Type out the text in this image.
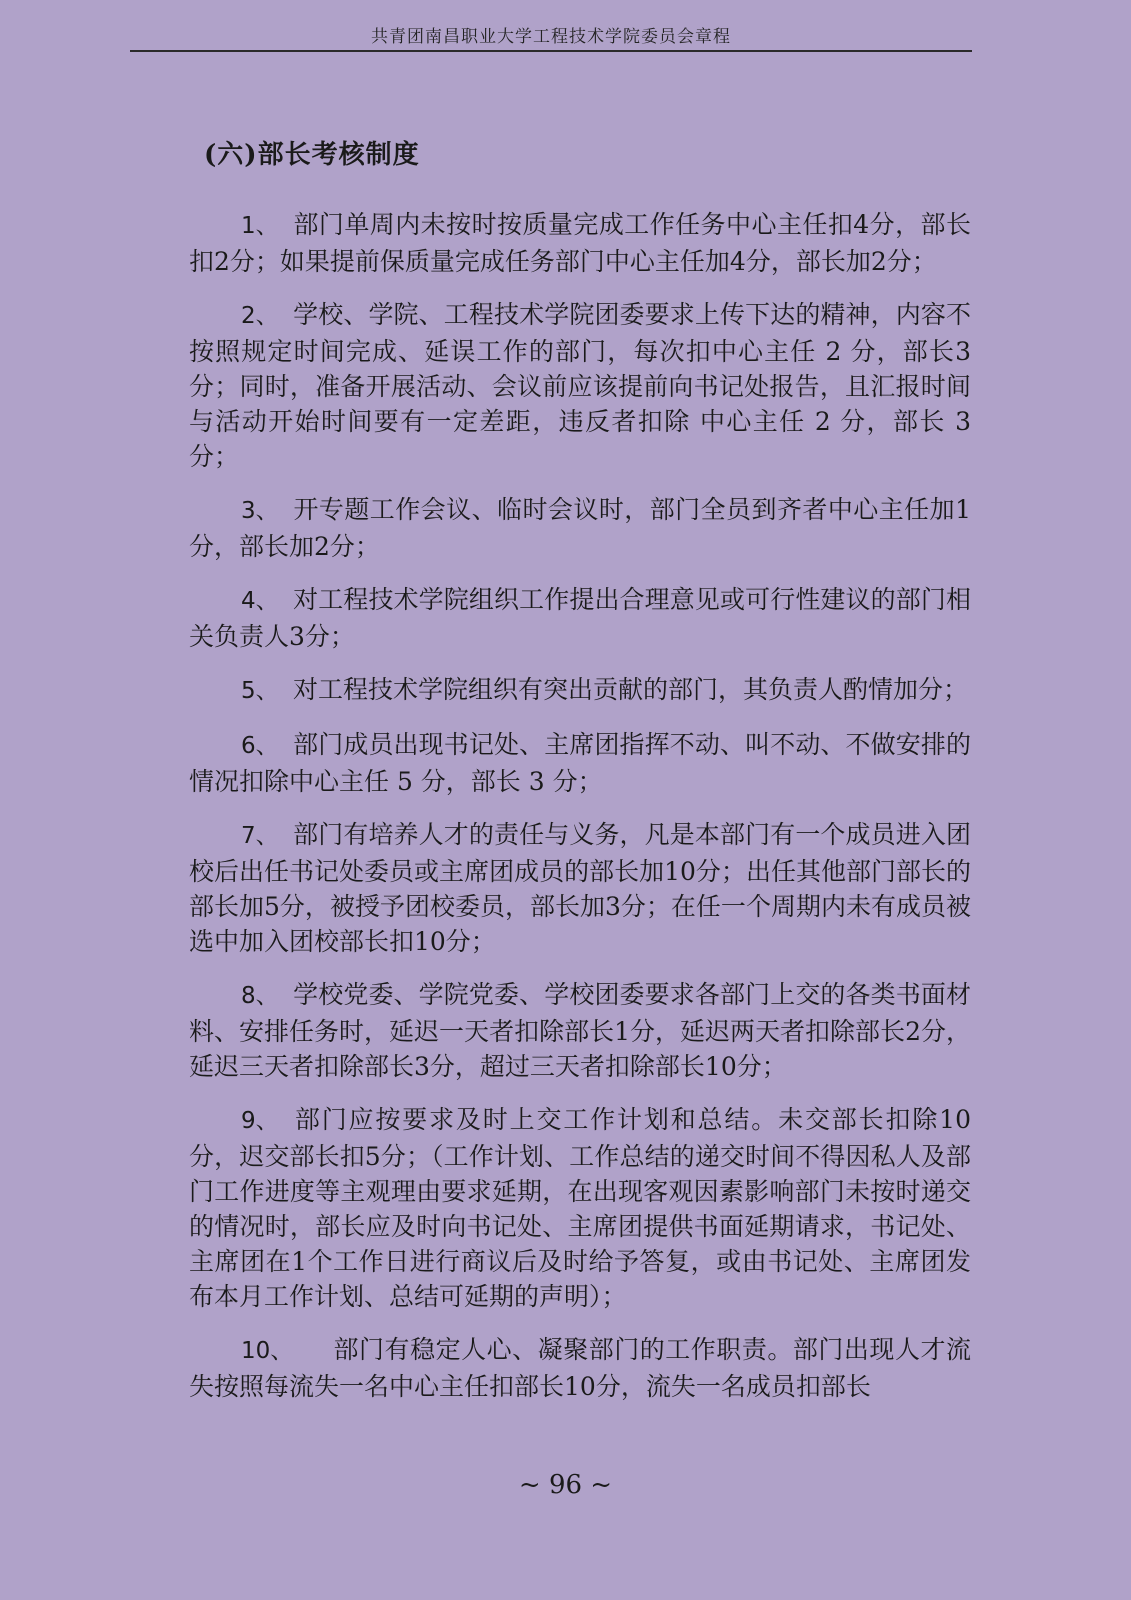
共青团南昌职业大学工程技术学院委员会章程
(六)部长考核制度

1、 部门单周内未按时按质量完成工作任务中心主任扣4分，部长扣2分；如果提前保质量完成任务部门中心主任加4分，部长加2分；

2、 学校、学院、工程技术学院团委要求上传下达的精神，内容不按照规定时间完成、延误工作的部门，每次扣中心主任 2 分，部长3分；同时，准备开展活动、会议前应该提前向书记处报告，且汇报时间与活动开始时间要有一定差距，违反者扣除 中心主任 2 分，部长 3 分；

3、 开专题工作会议、临时会议时，部门全员到齐者中心主任加1分，部长加2分；

4、 对工程技术学院组织工作提出合理意见或可行性建议的部门相关负责人3分；

5、 对工程技术学院组织有突出贡献的部门，其负责人酌情加分；

6、 部门成员出现书记处、主席团指挥不动、叫不动、不做安排的情况扣除中心主任 5 分，部长 3 分；

7、 部门有培养人才的责任与义务，凡是本部门有一个成员进入团校后出任书记处委员或主席团成员的部长加10分；出任其他部门部长的部长加5分，被授予团校委员，部长加3分；在任一个周期内未有成员被选中加入团校部长扣10分；

8、 学校党委、学院党委、学校团委要求各部门上交的各类书面材料、安排任务时，延迟一天者扣除部长1分，延迟两天者扣除部长2分，延迟三天者扣除部长3分，超过三天者扣除部长10分；

9、 部门应按要求及时上交工作计划和总结。未交部长扣除10分，迟交部长扣5分；（工作计划、工作总结的递交时间不得因私人及部门工作进度等主观理由要求延期，在出现客观因素影响部门未按时递交的情况时，部长应及时向书记处、主席团提供书面延期请求，书记处、主席团在1个工作日进行商议后及时给予答复，或由书记处、主席团发布本月工作计划、总结可延期的声明）；

10、 部门有稳定人心、凝聚部门的工作职责。部门出现人才流失按照每流失一名中心主任扣部长10分，流失一名成员扣部长

~ 96 ~
